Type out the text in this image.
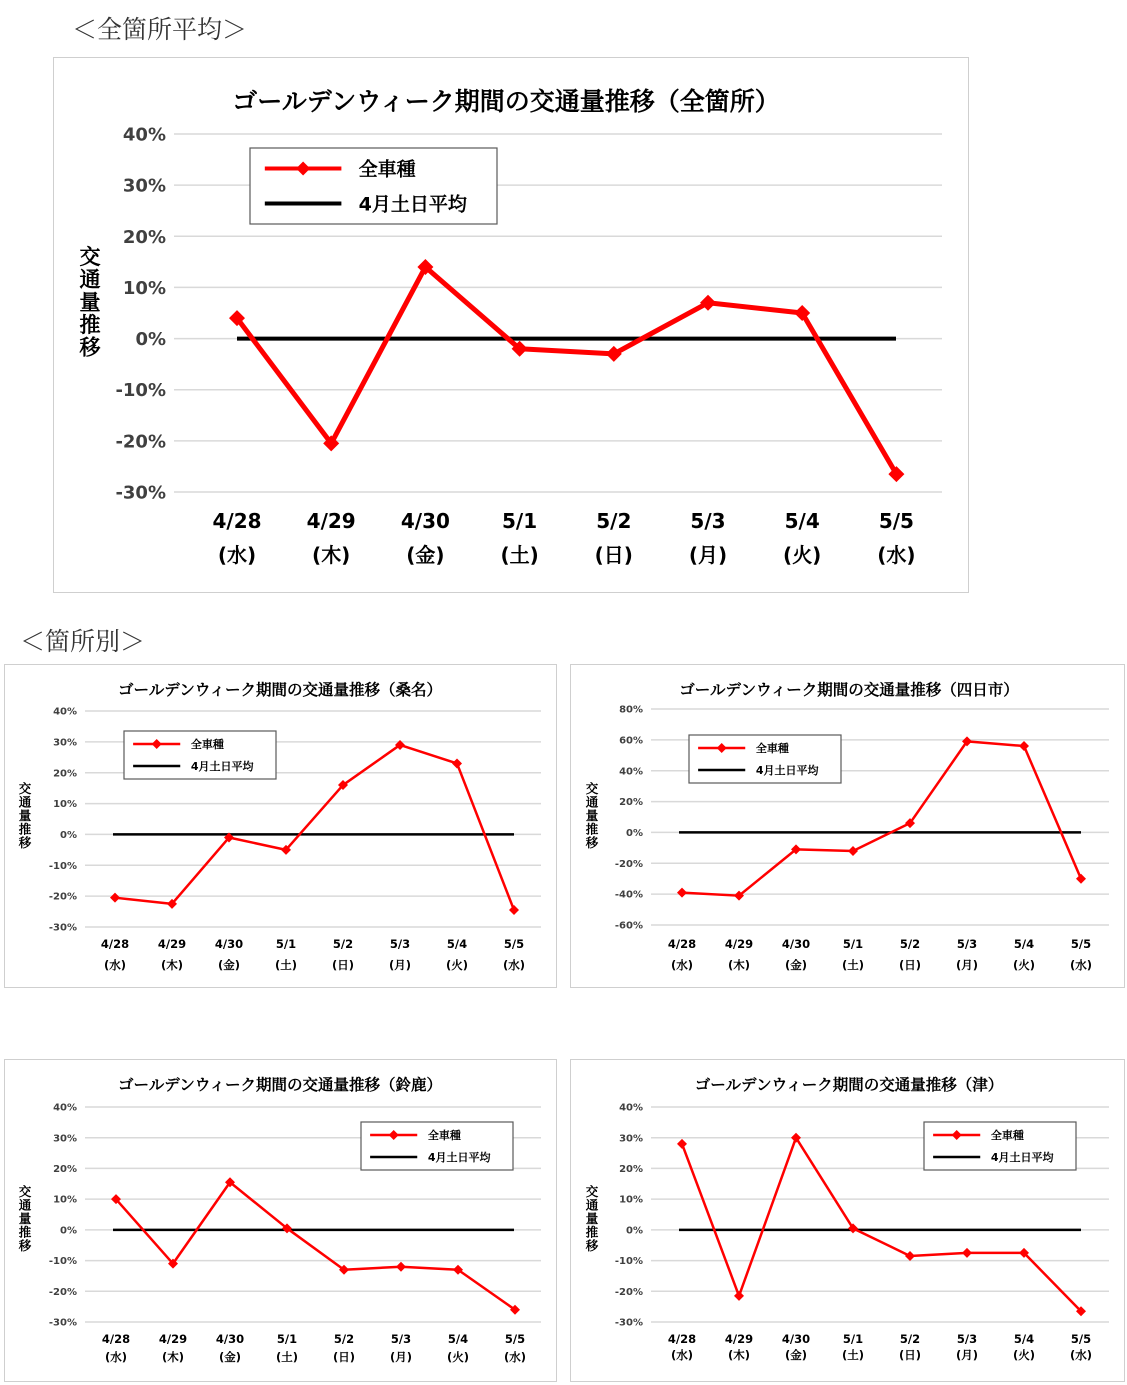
＜全箇所平均＞
＜箇所別＞
40%
30%
20%
10%
0%
-10%
-20%
-30%
ゴールデンウィーク期間の交通量推移（全箇所）
交通量推移
4/28
(水)
4/29
(木)
4/30
(金)
5/1
(土)
5/2
(日)
5/3
(月)
5/4
(火)
5/5
(水)
全車種
4月土日平均
40%
30%
20%
10%
0%
-10%
-20%
-30%
ゴールデンウィーク期間の交通量推移（桑名）
交通量推移
4/28
(水)
4/29
(木)
4/30
(金)
5/1
(土)
5/2
(日)
5/3
(月)
5/4
(火)
5/5
(水)
全車種
4月土日平均
80%
60%
40%
20%
0%
-20%
-40%
-60%
ゴールデンウィーク期間の交通量推移（四日市）
交通量推移
4/28
(水)
4/29
(木)
4/30
(金)
5/1
(土)
5/2
(日)
5/3
(月)
5/4
(火)
5/5
(水)
全車種
4月土日平均
40%
30%
20%
10%
0%
-10%
-20%
-30%
ゴールデンウィーク期間の交通量推移（鈴鹿）
交通量推移
4/28
(水)
4/29
(木)
4/30
(金)
5/1
(土)
5/2
(日)
5/3
(月)
5/4
(火)
5/5
(水)
全車種
4月土日平均
40%
30%
20%
10%
0%
-10%
-20%
-30%
ゴールデンウィーク期間の交通量推移（津）
交通量推移
4/28
(水)
4/29
(木)
4/30
(金)
5/1
(土)
5/2
(日)
5/3
(月)
5/4
(火)
5/5
(水)
全車種
4月土日平均
